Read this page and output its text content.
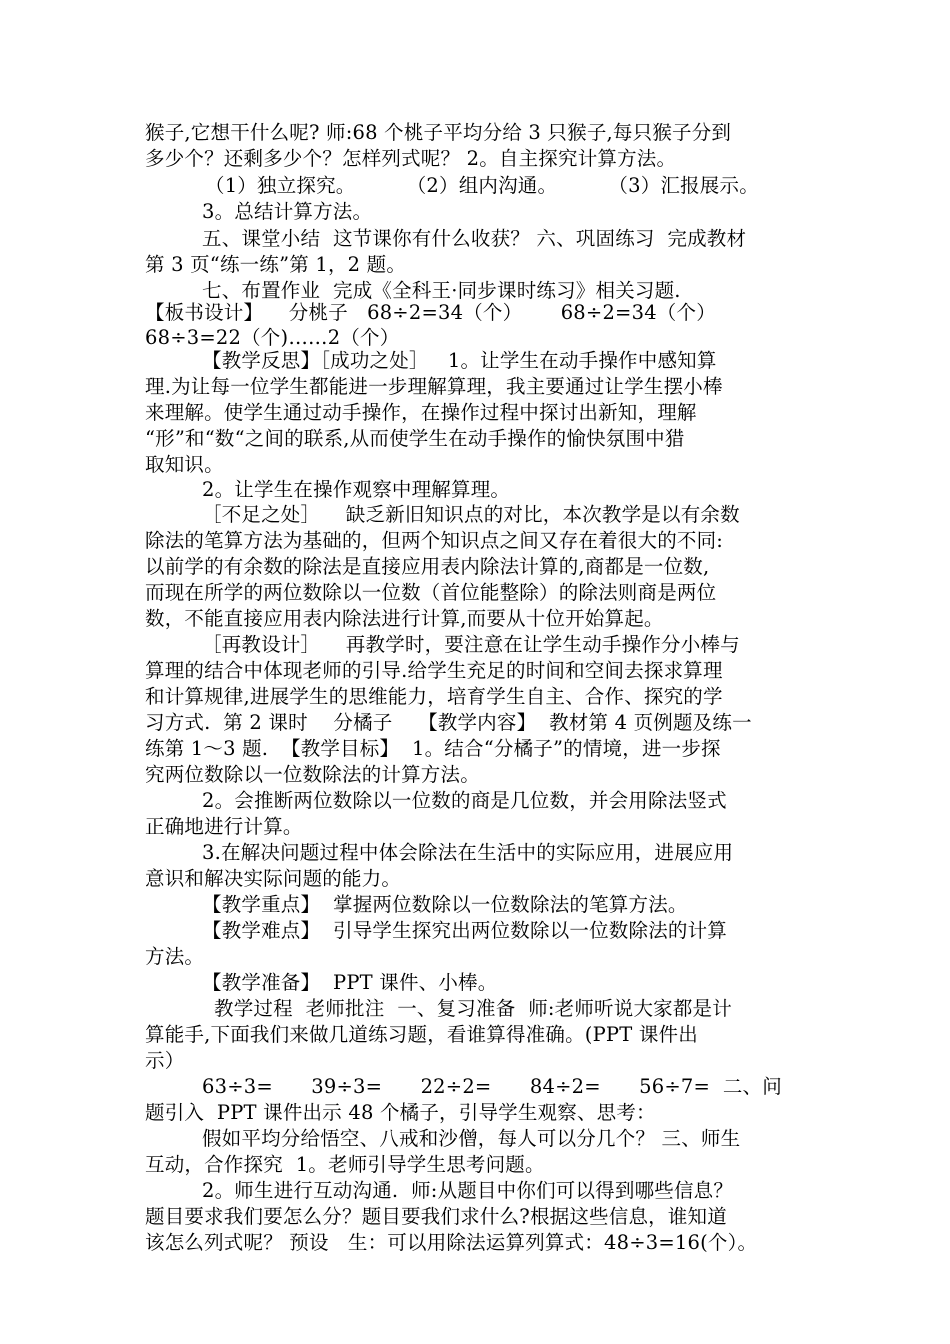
猴子,它想干什么呢? 师:68 个桃子平均分给 3 只猴子,每只猴子分到
多少个？还剩多少个？怎样列式呢？ 2。自主探究计算方法。
（1）独立探究。        （2）组内沟通。        （3）汇报展示。
3。总结计算方法。
五、课堂小结  这节课你有什么收获？ 六、巩固练习  完成教材
第 3 页“练一练”第 1，2 题。
七、布置作业  完成《全科王·同步课时练习》相关习题.
【板书设计】    分桃子   68÷2=34（个）      68÷2=34（个）
68÷3=22（个)……2（个）
【教学反思】［成功之处］   1。让学生在动手操作中感知算
理.为让每一位学生都能进一步理解算理，我主要通过让学生摆小棒
来理解。使学生通过动手操作，在操作过程中探讨出新知，理解
“形”和“数“之间的联系,从而使学生在动手操作的愉快氛围中猎
取知识。
2。让学生在操作观察中理解算理。
［不足之处］    缺乏新旧知识点的对比，本次教学是以有余数
除法的笔算方法为基础的，但两个知识点之间又存在着很大的不同:
以前学的有余数的除法是直接应用表内除法计算的,商都是一位数,
而现在所学的两位数除以一位数（首位能整除）的除法则商是两位
数，不能直接应用表内除法进行计算,而要从十位开始算起。
［再教设计］    再教学时，要注意在让学生动手操作分小棒与
算理的结合中体现老师的引导.给学生充足的时间和空间去探求算理
和计算规律,进展学生的思维能力，培育学生自主、合作、探究的学
习方式.  第 2 课时    分橘子    【教学内容】  教材第 4 页例题及练一
练第 1～3 题.  【教学目标】  1。结合“分橘子”的情境，进一步探
究两位数除以一位数除法的计算方法。
2。会推断两位数除以一位数的商是几位数，并会用除法竖式
正确地进行计算。
3.在解决问题过程中体会除法在生活中的实际应用，进展应用
意识和解决实际问题的能力。
【教学重点】  掌握两位数除以一位数除法的笔算方法。
【教学难点】  引导学生探究出两位数除以一位数除法的计算
方法。
【教学准备】  PPT 课件、小棒。
教学过程  老师批注  一、复习准备  师:老师听说大家都是计
算能手,下面我们来做几道练习题，看谁算得准确。(PPT 课件出
示）
63÷3=      39÷3=      22÷2=      84÷2=      56÷7=  二、问
题引入  PPT 课件出示 48 个橘子，引导学生观察、思考：
假如平均分给悟空、八戒和沙僧，每人可以分几个？ 三、师生
互动，合作探究  1。老师引导学生思考问题。
2。师生进行互动沟通.  师:从题目中你们可以得到哪些信息？
题目要求我们要怎么分？题目要我们求什么?根据这些信息，谁知道
该怎么列式呢？ 预设   生：可以用除法运算列算式：48÷3=16(个）。
